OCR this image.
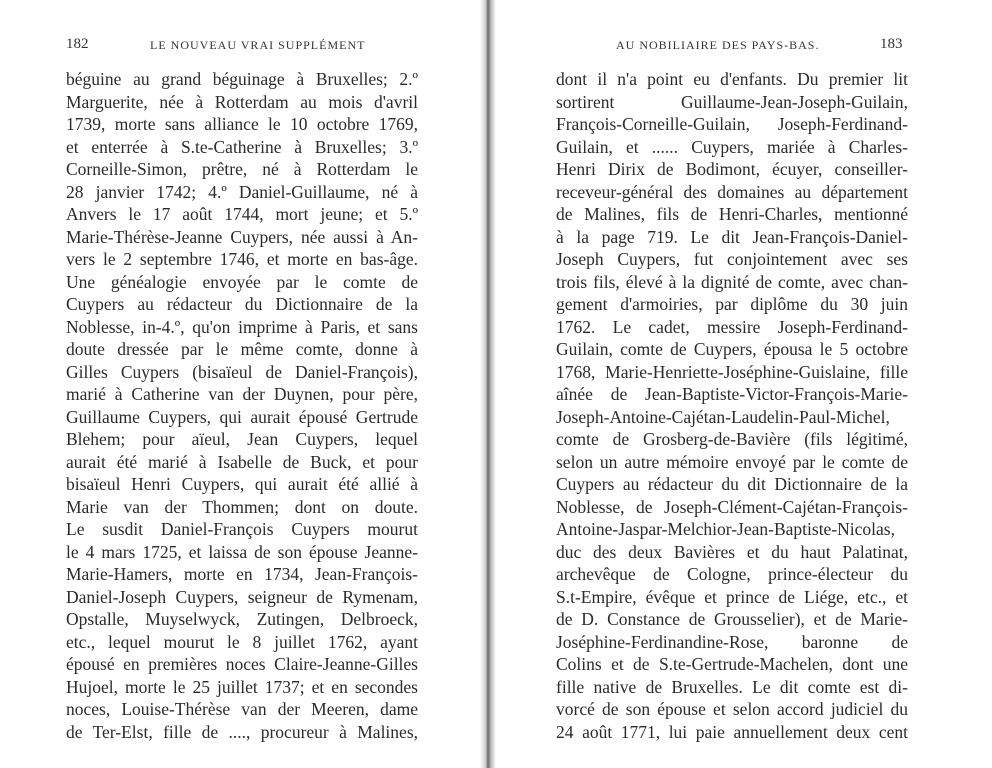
182	LE NOUVEAU VRAI SUPPLÉMENT
béguine au grand béguinage à Bruxelles; 2.º
Marguerite, née à Rotterdam au mois d'avril
1739, morte sans alliance le 10 octobre 1769,
et enterrée à S.te-Catherine à Bruxelles; 3.º
Corneille-Simon, prêtre, né à Rotterdam le
28 janvier 1742; 4.º Daniel-Guillaume, né à
Anvers le 17 août 1744, mort jeune; et 5.º
Marie-Thérèse-Jeanne Cuypers, née aussi à An-
vers le 2 septembre 1746, et morte en bas-âge.
Une généalogie envoyée par le comte de
Cuypers au rédacteur du Dictionnaire de la
Noblesse, in-4.º, qu'on imprime à Paris, et sans
doute dressée par le même comte, donne à
Gilles Cuypers (bisaïeul de Daniel-François),
marié à Catherine van der Duynen, pour père,
Guillaume Cuypers, qui aurait épousé Gertrude
Blehem; pour aïeul, Jean Cuypers, lequel
aurait été marié à Isabelle de Buck, et pour
bisaïeul Henri Cuypers, qui aurait été allié à
Marie van der Thommen; dont on doute.
Le susdit Daniel-François Cuypers mourut
le 4 mars 1725, et laissa de son épouse Jeanne-
Marie-Hamers, morte en 1734, Jean-François-
Daniel-Joseph Cuypers, seigneur de Rymenam,
Opstalle, Muyselwyck, Zutingen, Delbroeck,
etc., lequel mourut le 8 juillet 1762, ayant
épousé en premières noces Claire-Jeanne-Gilles
Hujoel, morte le 25 juillet 1737; et en secondes
noces, Louise-Thérèse van der Meeren, dame
de Ter-Elst, fille de ...., procureur à Malines,
AU NOBILIAIRE DES PAYS-BAS.	183
dont il n'a point eu d'enfants. Du premier lit
sortirent Guillaume-Jean-Joseph-Guilain,
François-Corneille-Guilain, Joseph-Ferdinand-
Guilain, et ...... Cuypers, mariée à Charles-
Henri Dirix de Bodimont, écuyer, conseiller-
receveur-général des domaines au département
de Malines, fils de Henri-Charles, mentionné
à la page 719. Le dit Jean-François-Daniel-
Joseph Cuypers, fut conjointement avec ses
trois fils, élevé à la dignité de comte, avec chan-
gement d'armoiries, par diplôme du 30 juin
1762. Le cadet, messire Joseph-Ferdinand-
Guilain, comte de Cuypers, épousa le 5 octobre
1768, Marie-Henriette-Joséphine-Guislaine, fille
aînée de Jean-Baptiste-Victor-François-Marie-
Joseph-Antoine-Cajétan-Laudelin-Paul-Michel,
comte de Grosberg-de-Bavière (fils légitimé,
selon un autre mémoire envoyé par le comte de
Cuypers au rédacteur du dit Dictionnaire de la
Noblesse, de Joseph-Clément-Cajétan-François-
Antoine-Jaspar-Melchior-Jean-Baptiste-Nicolas,
duc des deux Bavières et du haut Palatinat,
archevêque de Cologne, prince-électeur du
S.t-Empire, évêque et prince de Liége, etc., et
de D. Constance de Grousselier), et de Marie-
Joséphine-Ferdinandine-Rose, baronne de
Colins et de S.te-Gertrude-Machelen, dont une
fille native de Bruxelles. Le dit comte est di-
vorcé de son épouse et selon accord judiciel du
24 août 1771, lui paie annuellement deux cent
